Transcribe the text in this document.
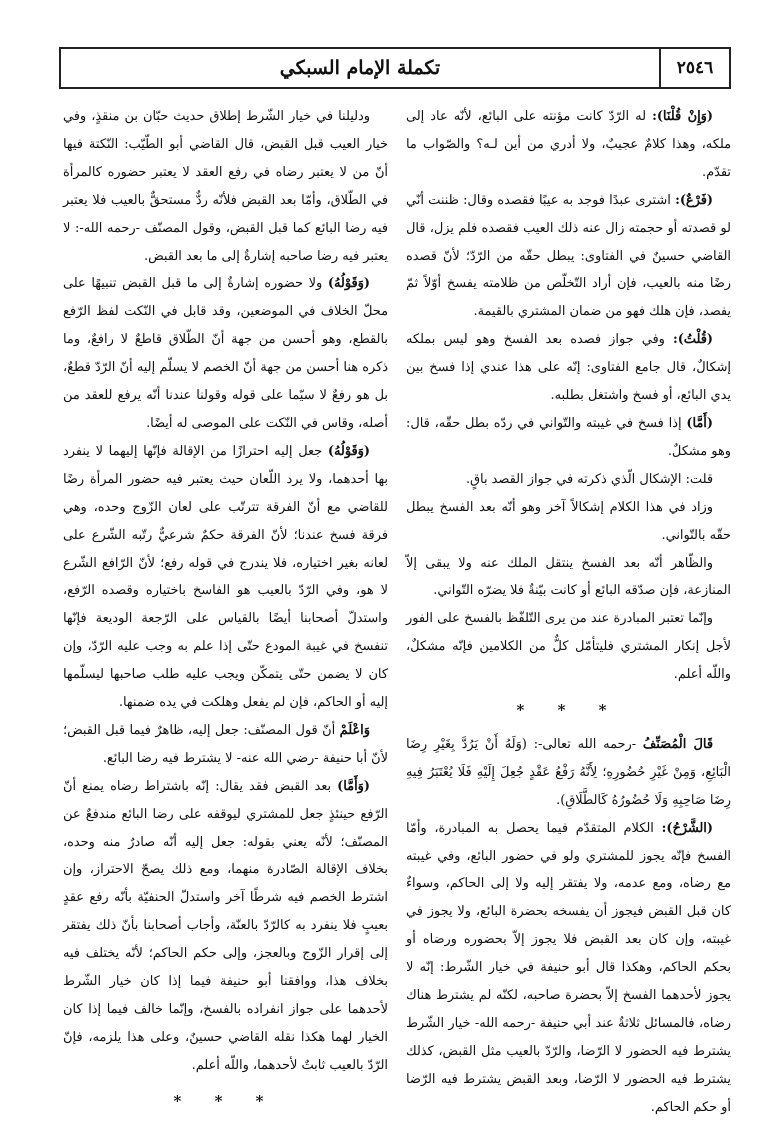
٢٥٤٦
تكملة الإمام السبكي

(وَإِنْ قُلْنَا): له الرّدّ كانت مؤنته على البائع، لأنّه عاد إلى ملكه، وهذا كلامٌ عجيبٌ، ولا أدري من أين لـه؟ والصّواب ما تقدّم.

(فَرْعٌ): اشترى عبدًا فوجد به عيبًا فقصده وقال: ظننت أنّي لو قصدته أو حجمته زال عنه ذلك العيب فقصده فلم يزل، قال القاضي حسينٌ في الفتاوى: يبطل حقّه من الرّدّ؛ لأنّ قصده رضًا منه بالعيب، فإن أراد التّخلّص من ظلامته يفسخ أوّلاً ثمّ يفصد، فإن هلك فهو من ضمان المشتري بالقيمة.

(قُلْتُ): وفي جواز فصده بعد الفسخ وهو ليس بملكه إشكالٌ، قال جامع الفتاوى: إنّه على هذا عندي إذا فسخ بين يدي البائع، أو فسخ واشتغل بطلبه.

(أَمَّا) إذا فسخ في غيبته والتّواني في ردّه بطل حقّه، قال: وهو مشكلٌ.

قلت: الإشكال الّذي ذكرته في جواز القصد باقٍ.

وزاد في هذا الكلام إشكالاً آخر وهو أنّه بعد الفسخ يبطل حقّه بالتّواني.

والظّاهر أنّه بعد الفسخ ينتقل الملك عنه ولا يبقى إلاّ المنازعة، فإن صدّقه البائع أو كانت بيّنةٌ فلا يضرّه التّواني.

وإنّما تعتبر المبادرة عند من يرى التّلفّظ بالفسخ على الفور لأجل إنكار المشتري فليتأمّل كلٌّ من الكلامين فإنّه مشكلٌ، واللّه أعلم.

* * *

قَالَ الْمُصَنِّفُ -رحمه الله تعالى-: (وَلَهُ أَنْ يَرُدَّ بِغَيْرِ رِضَا الْبَائِعِ، وَمِنْ غَيْرِ حُضُورِهِ؛ لِأَنَّهُ رَفْعُ عَقْدٍ جُعِلَ إِلَيْهِ فَلَا يُعْتَبَرُ فِيهِ رِضَا صَاحِبِهِ وَلَا حُضُورُهُ كَالطَّلَاقِ).

(الشَّرْحُ): الكلام المتقدّم فيما يحصل به المبادرة، وأمّا الفسخ فإنّه يجوز للمشتري ولو في حضور البائع، وفي غيبته مع رضاه، ومع عدمه، ولا يفتقر إليه ولا إلى الحاكم، وسواءٌ كان قبل القبض فيجوز أن يفسخه بحضرة البائع، ولا يجوز في غيبته، وإن كان بعد القبض فلا يجوز إلاّ بحضوره ورضاه أو بحكم الحاكم، وهكذا قال أبو حنيفة في خيار الشّرط: إنّه لا يجوز لأحدهما الفسخ إلاّ بحضرة صاحبه، لكنّه لم يشترط هناك رضاه، فالمسائل ثلاثةٌ عند أبي حنيفة -رحمه الله- خيار الشّرط يشترط فيه الحضور لا الرّضا، والرّدّ بالعيب مثل القبض، كذلك يشترط فيه الحضور لا الرّضا، وبعد القبض يشترط فيه الرّضا أو حكم الحاكم.

ودليلنا في خيار الشّرط إطلاق حديث حبّان بن منقذٍ، وفي خيار العيب قبل القبض، قال القاضي أبو الطّيّب: النّكتة فيها أنّ من لا يعتبر رضاه في رفع العقد لا يعتبر حضوره كالمرأة في الطّلاق، وأمّا بعد القبض فلأنّه ردٌّ مستحقٌّ بالعيب فلا يعتبر فيه رضا البائع كما قبل القبض، وقول المصنّف -رحمه الله-: لا يعتبر فيه رضا صاحبه إشارةٌ إلى ما بعد القبض.

(وَقَوْلُهُ) ولا حضوره إشارةٌ إلى ما قبل القبض تنبيهًا على محلّ الخلاف في الموضعين، وقد قابل في النّكت لفظ الرّفع بالقطع، وهو أحسن من جهة أنّ الطّلاق قاطعٌ لا رافعٌ، وما ذكره هنا أحسن من جهة أنّ الخصم لا يسلّم إليه أنّ الرّدّ قطعٌ، بل هو رفعٌ لا سيّما على قوله وقولنا عندنا أنّه يرفع للعقد من أصله، وقاس في النّكت على الموصى له أيضًا.

(وَقَوْلُهُ) جعل إليه احترازًا من الإقالة فإنّها إليهما لا ينفرد بها أحدهما، ولا يرد اللّعان حيث يعتبر فيه حضور المرأة رضًا للقاضي مع أنّ الفرقة تترتّب على لعان الزّوج وحده، وهي فرقة فسخ عندنا؛ لأنّ الفرقة حكمٌ شرعيٌّ رتّبه الشّرع على لعانه بغير اختياره، فلا يندرج في قوله رفع؛ لأنّ الرّافع الشّرع لا هو، وفي الرّدّ بالعيب هو الفاسخ باختياره وقصده الرّفع، واستدلّ أصحابنا أيضًا بالقياس على الرّجعة الوديعة فإنّها تنفسخ في غيبة المودع حتّى إذا علم به وجب عليه الرّدّ، وإن كان لا يضمن حتّى يتمكّن ويجب عليه طلب صاحبها ليسلّمها إليه أو الحاكم، فإن لم يفعل وهلكت في يده ضمنها.

وَاعْلَمْ أنّ قول المصنّف: جعل إليه، ظاهرٌ فيما قبل القبض؛ لأنّ أبا حنيفة -رضي الله عنه- لا يشترط فيه رضا البائع.

(وَأَمَّا) بعد القبض فقد يقال: إنّه باشتراط رضاه يمنع أنّ الرّفع حينئذٍ جعل للمشتري ليوقفه على رضا البائع مندفعٌ عن المصنّف؛ لأنّه يعني بقوله: جعل إليه أنّه صادرٌ منه وحده، بخلاف الإقالة الصّادرة منهما، ومع ذلك يصحّ الاحتراز، وإن اشترط الخصم فيه شرطًا آخر واستدلّ الحنفيّة بأنّه رفع عقدٍ بعيبٍ فلا ينفرد به كالرّدّ بالعنّة، وأجاب أصحابنا بأنّ ذلك يفتقر إلى إقرار الزّوج وبالعجز، وإلى حكم الحاكم؛ لأنّه يختلف فيه بخلاف هذا، ووافقنا أبو حنيفة فيما إذا كان خيار الشّرط لأحدهما على جواز انفراده بالفسخ، وإنّما خالف فيما إذا كان الخيار لهما هكذا نقله القاضي حسينٌ، وعلى هذا يلزمه، فإنّ الرّدّ بالعيب ثابتٌ لأحدهما، واللّه أعلم.

* * *
